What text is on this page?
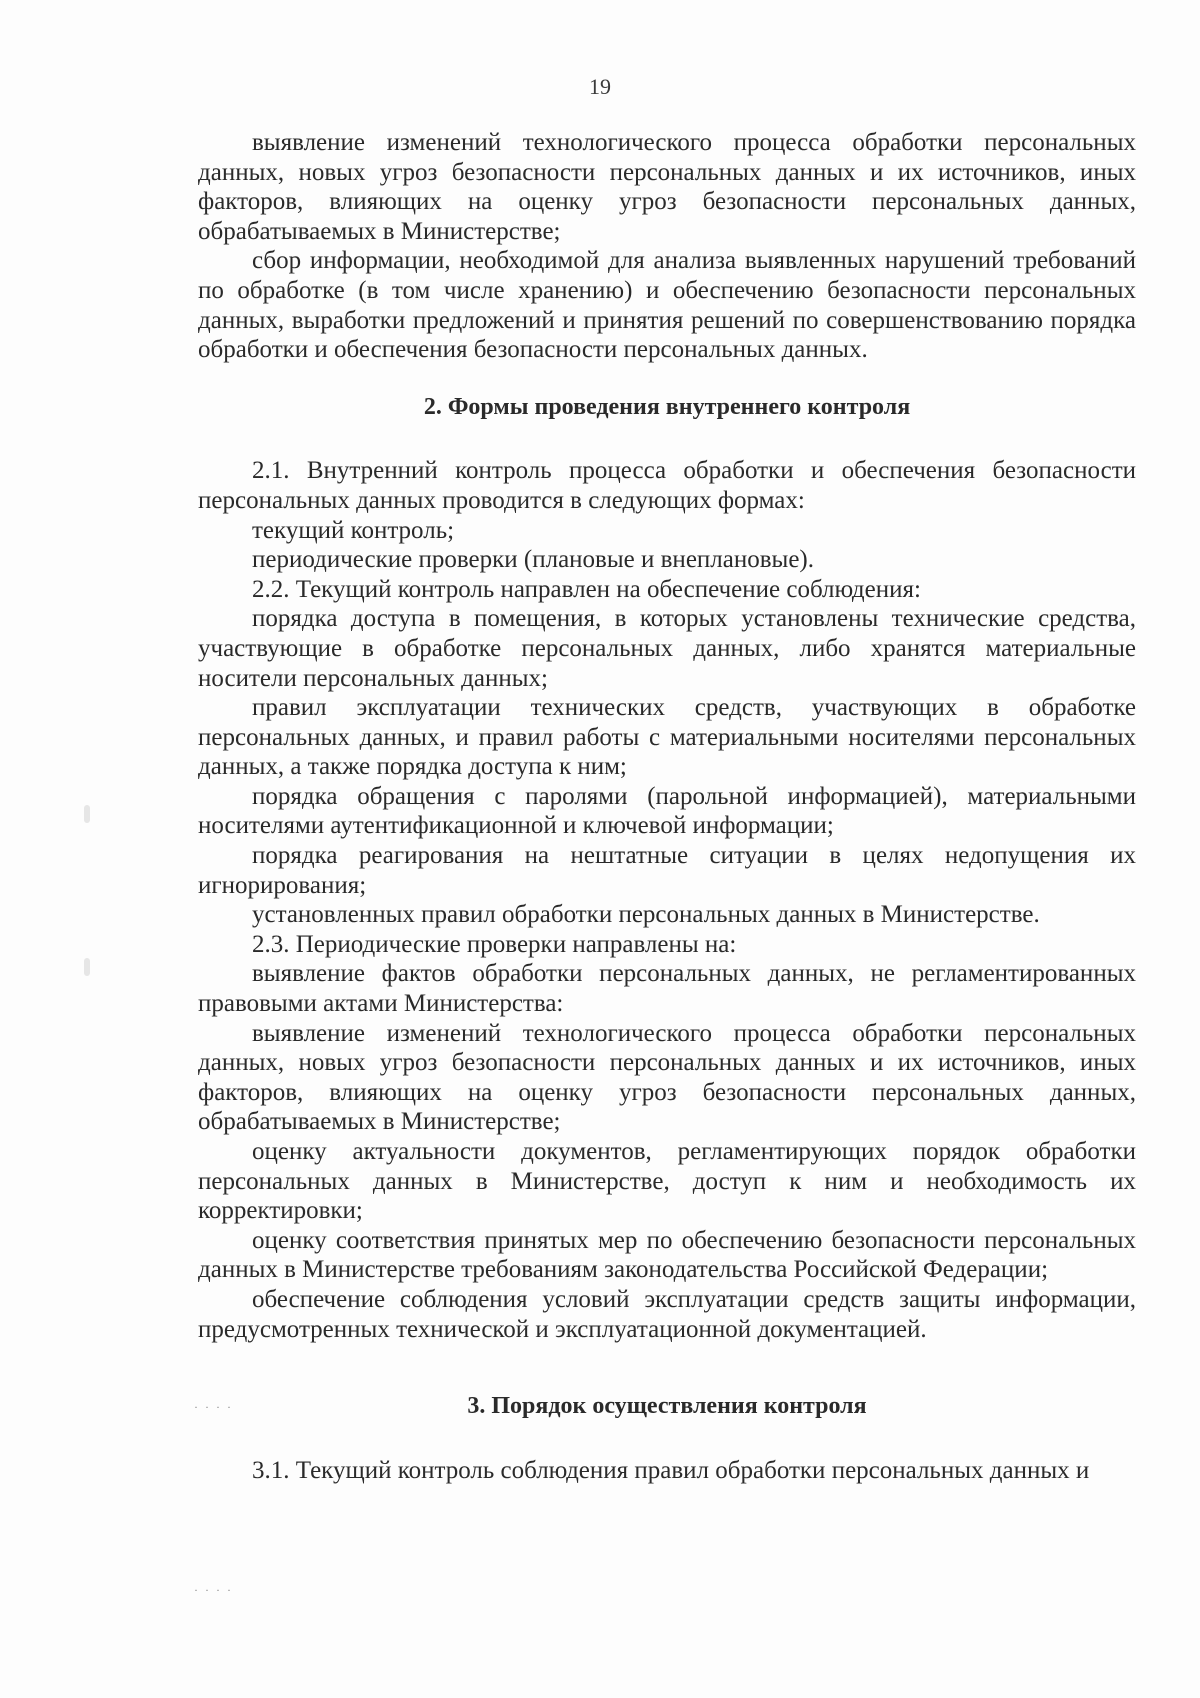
19
· · · ·
· · · ·

выявление изменений технологического процесса обработки персональных данных, новых угроз безопасности персональных данных и их источников, иных факторов, влияющих на оценку угроз безопасности персональных данных, обрабатываемых в Министерстве;

сбор информации, необходимой для анализа выявленных нарушений требований по обработке (в том числе хранению) и обеспечению безопасности персональных данных, выработки предложений и принятия решений по совершенствованию порядка обработки и обеспечения безопасности персональных данных.

2. Формы проведения внутреннего контроля

2.1. Внутренний контроль процесса обработки и обеспечения безопасности персональных данных проводится в следующих формах:

текущий контроль;

периодические проверки (плановые и внеплановые).

2.2. Текущий контроль направлен на обеспечение соблюдения:

порядка доступа в помещения, в которых установлены технические средства, участвующие в обработке персональных данных, либо хранятся материальные носители персональных данных;

правил эксплуатации технических средств, участвующих в обработке персональных данных, и правил работы с материальными носителями персональных данных, а также порядка доступа к ним;

порядка обращения с паролями (парольной информацией), материальными носителями аутентификационной и ключевой информации;

порядка реагирования на нештатные ситуации в целях недопущения их игнорирования;

установленных правил обработки персональных данных в Министерстве.

2.3. Периодические проверки направлены на:

выявление фактов обработки персональных данных, не регламентированных правовыми актами Министерства:

выявление изменений технологического процесса обработки персональных данных, новых угроз безопасности персональных данных и их источников, иных факторов, влияющих на оценку угроз безопасности персональных данных, обрабатываемых в Министерстве;

оценку актуальности документов, регламентирующих порядок обработки персональных данных в Министерстве, доступ к ним и необходимость их корректировки;

оценку соответствия принятых мер по обеспечению безопасности персональных данных в Министерстве требованиям законодательства Российской Федерации;

обеспечение соблюдения условий эксплуатации средств защиты информации, предусмотренных технической и эксплуатационной документацией.

3. Порядок осуществления контроля

3.1. Текущий контроль соблюдения правил обработки персональных данных и
